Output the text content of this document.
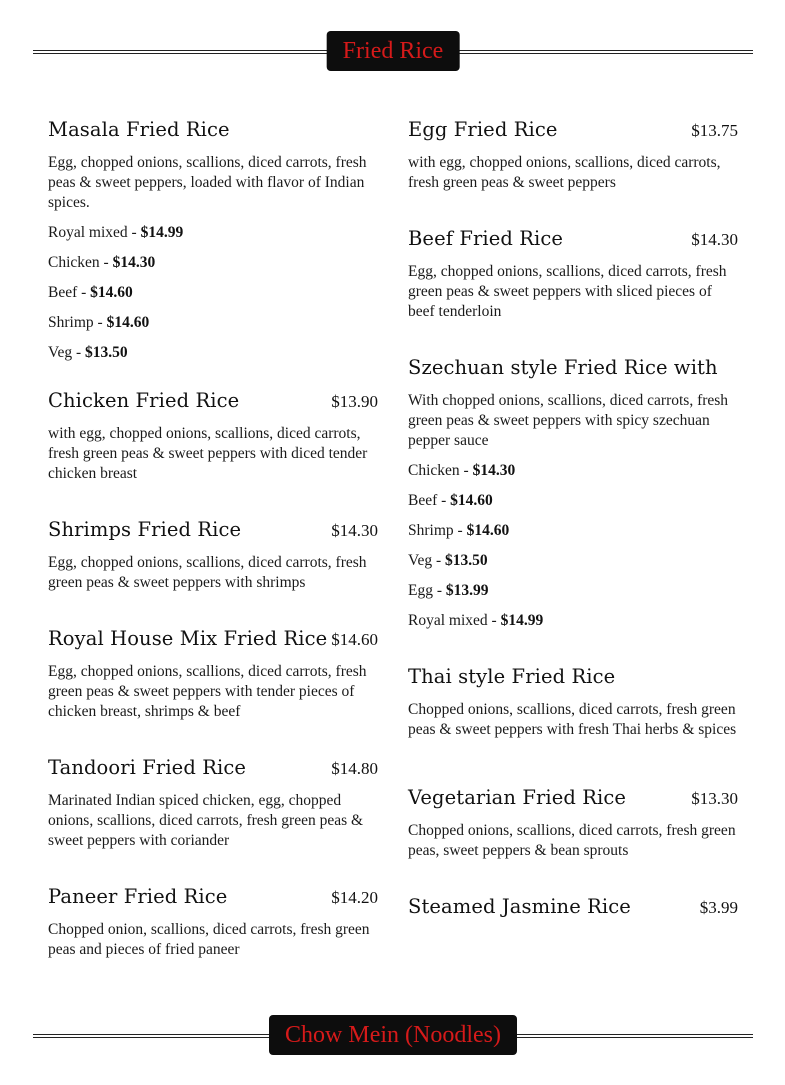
Fried Rice
Masala Fried Rice
Egg, chopped onions, scallions, diced carrots, fresh peas & sweet peppers, loaded with flavor of Indian spices.
Royal mixed - $14.99
Chicken - $14.30
Beef - $14.60
Shrimp - $14.60
Veg - $13.50
Chicken Fried Rice	$13.90
with egg, chopped onions, scallions, diced carrots, fresh green peas & sweet peppers with diced tender chicken breast
Shrimps Fried Rice	$14.30
Egg, chopped onions, scallions, diced carrots, fresh green peas & sweet peppers with shrimps
Royal House Mix Fried Rice $14.60
Egg, chopped onions, scallions, diced carrots, fresh green peas & sweet peppers with tender pieces of chicken breast, shrimps & beef
Tandoori Fried Rice	$14.80
Marinated Indian spiced chicken, egg, chopped onions, scallions, diced carrots, fresh green peas & sweet peppers with coriander
Paneer Fried Rice	$14.20
Chopped onion, scallions, diced carrots, fresh green peas and pieces of fried paneer
Egg Fried Rice	$13.75
with egg, chopped onions, scallions, diced carrots, fresh green peas & sweet peppers
Beef Fried Rice	$14.30
Egg, chopped onions, scallions, diced carrots, fresh green peas & sweet peppers with sliced pieces of beef tenderloin
Szechuan style Fried Rice with
With chopped onions, scallions, diced carrots, fresh green peas & sweet peppers with spicy szechuan pepper sauce
Chicken - $14.30
Beef - $14.60
Shrimp - $14.60
Veg - $13.50
Egg - $13.99
Royal mixed - $14.99
Thai style Fried Rice
Chopped onions, scallions, diced carrots, fresh green peas & sweet peppers with fresh Thai herbs & spices
Vegetarian Fried Rice	$13.30
Chopped onions, scallions, diced carrots, fresh green peas, sweet peppers & bean sprouts
Steamed Jasmine Rice	$3.99
Chow Mein (Noodles)
